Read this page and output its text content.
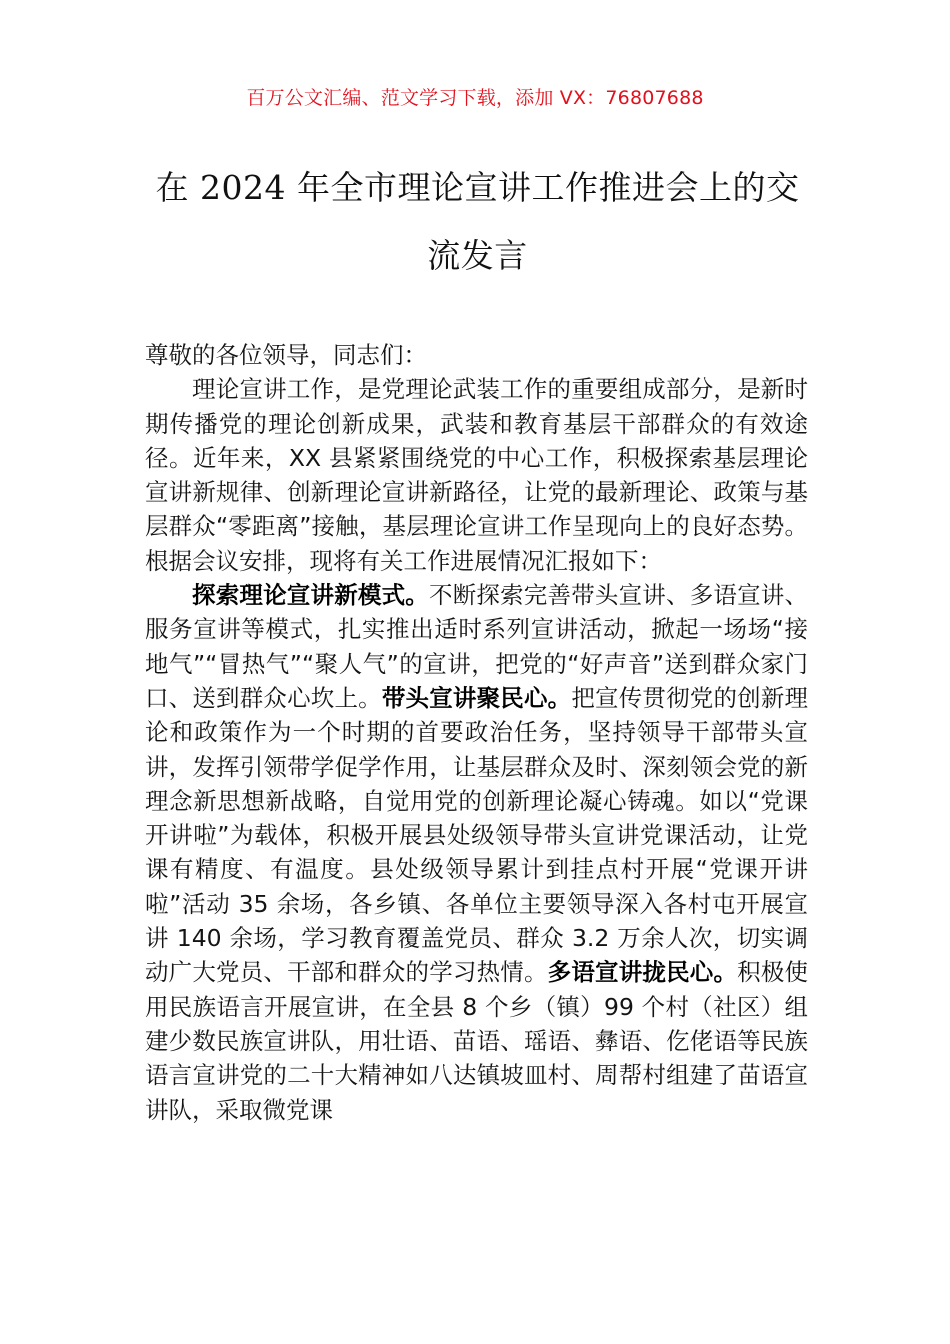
百万公文汇编、范文学习下载，添加 VX：76807688
在 2024 年全市理论宣讲工作推进会上的交流发言

尊敬的各位领导，同志们：

理论宣讲工作，是党理论武装工作的重要组成部分，是新时期传播党的理论创新成果，武装和教育基层干部群众的有效途径。近年来，XX 县紧紧围绕党的中心工作，积极探索基层理论宣讲新规律、创新理论宣讲新路径，让党的最新理论、政策与基层群众“零距离”接触，基层理论宣讲工作呈现向上的良好态势。根据会议安排，现将有关工作进展情况汇报如下：

探索理论宣讲新模式。不断探索完善带头宣讲、多语宣讲、服务宣讲等模式，扎实推出适时系列宣讲活动，掀起一场场“接地气”“冒热气”“聚人气”的宣讲，把党的“好声音”送到群众家门口、送到群众心坎上。带头宣讲聚民心。把宣传贯彻党的创新理论和政策作为一个时期的首要政治任务，坚持领导干部带头宣讲，发挥引领带学促学作用，让基层群众及时、深刻领会党的新理念新思想新战略，自觉用党的创新理论凝心铸魂。如以“党课开讲啦”为载体，积极开展县处级领导带头宣讲党课活动，让党课有精度、有温度。县处级领导累计到挂点村开展“党课开讲啦”活动 35 余场，各乡镇、各单位主要领导深入各村屯开展宣讲 140 余场，学习教育覆盖党员、群众 3.2 万余人次，切实调动广大党员、干部和群众的学习热情。多语宣讲拢民心。积极使用民族语言开展宣讲，在全县 8 个乡（镇）99 个村（社区）组建少数民族宣讲队，用壮语、苗语、瑶语、彝语、仡佬语等民族语言宣讲党的二十大精神如八达镇坡皿村、周帮村组建了苗语宣讲队，采取微党课
